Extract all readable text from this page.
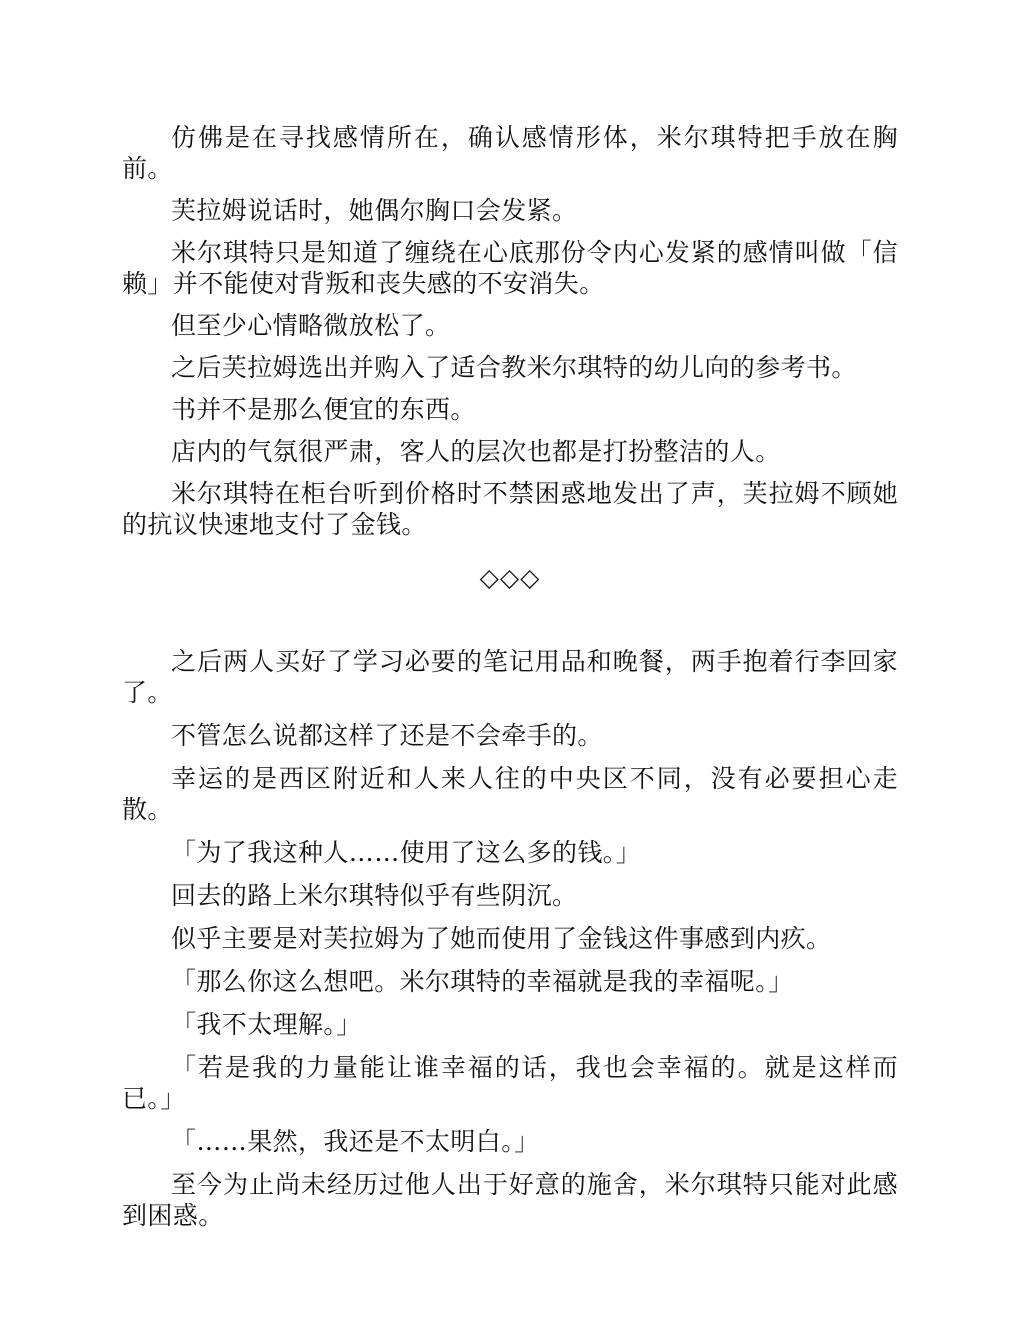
仿佛是在寻找感情所在，确认感情形体，米尔琪特把手放在胸前。

芙拉姆说话时，她偶尔胸口会发紧。

米尔琪特只是知道了缠绕在心底那份令内心发紧的感情叫做「信赖」并不能使对背叛和丧失感的不安消失。

但至少心情略微放松了。

之后芙拉姆选出并购入了适合教米尔琪特的幼儿向的参考书。

书并不是那么便宜的东西。

店内的气氛很严肃，客人的层次也都是打扮整洁的人。

米尔琪特在柜台听到价格时不禁困惑地发出了声，芙拉姆不顾她的抗议快速地支付了金钱。

◇◇◇

之后两人买好了学习必要的笔记用品和晚餐，两手抱着行李回家了。

不管怎么说都这样了还是不会牵手的。

幸运的是西区附近和人来人往的中央区不同，没有必要担心走散。

「为了我这种人……使用了这么多的钱。」

回去的路上米尔琪特似乎有些阴沉。

似乎主要是对芙拉姆为了她而使用了金钱这件事感到内疚。

「那么你这么想吧。米尔琪特的幸福就是我的幸福呢。」

「我不太理解。」

「若是我的力量能让谁幸福的话，我也会幸福的。就是这样而已。」

「……果然，我还是不太明白。」

至今为止尚未经历过他人出于好意的施舍，米尔琪特只能对此感到困惑。
